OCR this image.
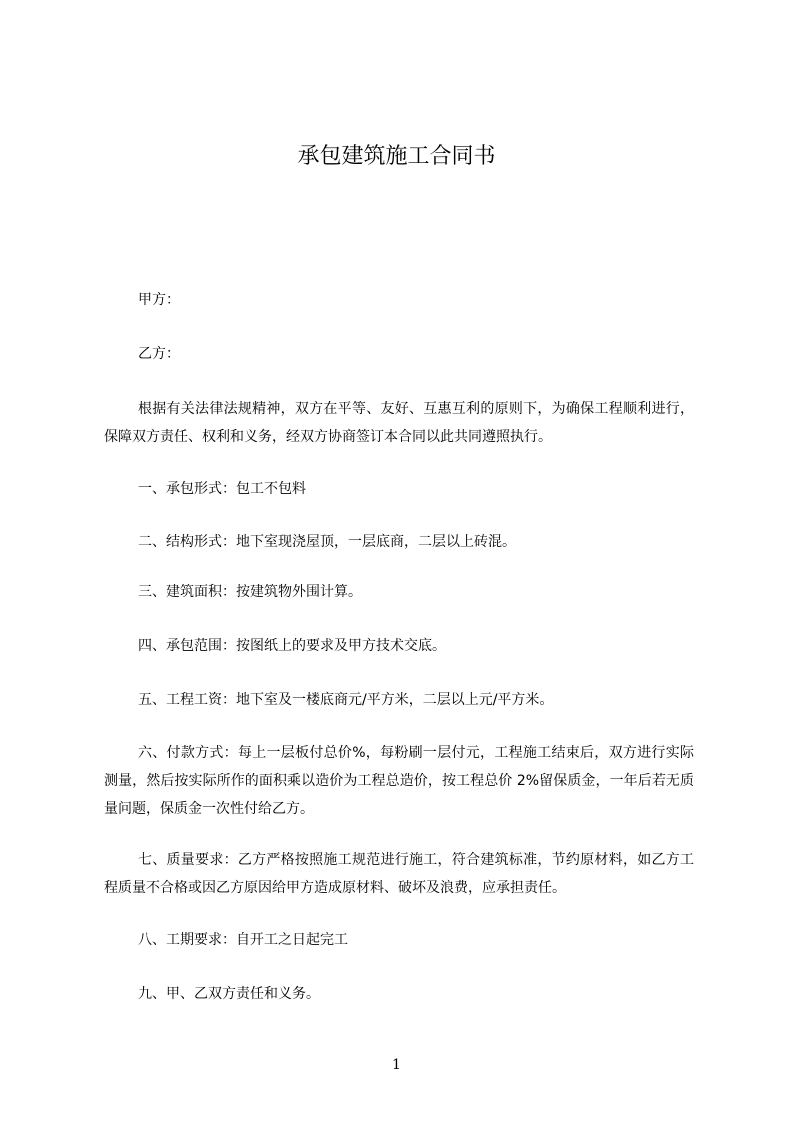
承包建筑施工合同书

甲方：

乙方：

根据有关法律法规精神，双方在平等、友好、互惠互利的原则下，为确保工程顺利进行，保障双方责任、权利和义务，经双方协商签订本合同以此共同遵照执行。

一、承包形式：包工不包料

二、结构形式：地下室现浇屋顶，一层底商，二层以上砖混。

三、建筑面积：按建筑物外围计算。

四、承包范围：按图纸上的要求及甲方技术交底。

五、工程工资：地下室及一楼底商元/平方米，二层以上元/平方米。

六、付款方式：每上一层板付总价%，每粉刷一层付元，工程施工结束后，双方进行实际测量，然后按实际所作的面积乘以造价为工程总造价，按工程总价 2%留保质金，一年后若无质量问题，保质金一次性付给乙方。

七、质量要求：乙方严格按照施工规范进行施工，符合建筑标准，节约原材料，如乙方工程质量不合格或因乙方原因给甲方造成原材料、破坏及浪费，应承担责任。

八、工期要求：自开工之日起完工

九、甲、乙双方责任和义务。

1
